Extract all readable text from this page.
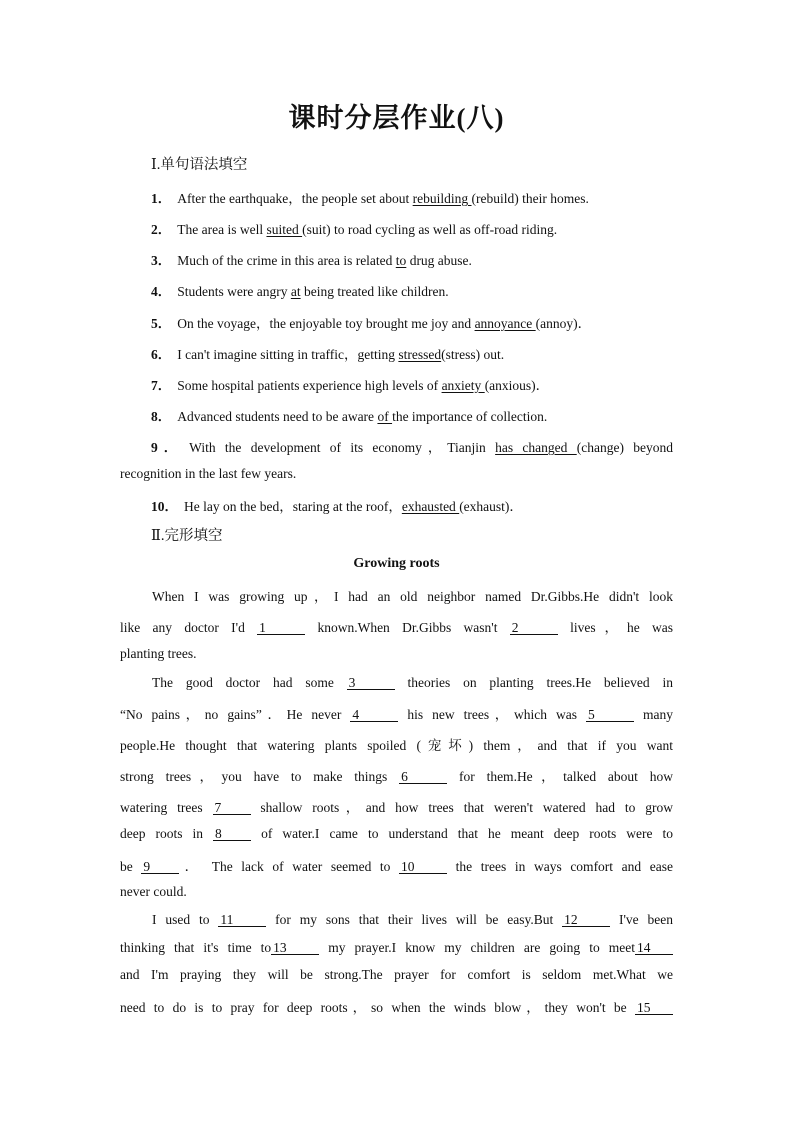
课时分层作业(八)
Ⅰ.单句语法填空
1． After the earthquake，the people set about rebuilding (rebuild) their homes.
2． The area is well suited (suit) to road cycling as well as off-road riding.
3． Much of the crime in this area is related to drug abuse.
4． Students were angry at being treated like children.
5． On the voyage，the enjoyable toy brought me joy and annoyance (annoy)．
6． I can't imagine sitting in traffic，getting stressed(stress) out.
7． Some hospital patients experience high levels of anxiety (anxious)．
8． Advanced students need to be aware of the importance of collection.
9． With the development of its economy，Tianjin has changed (change) beyond
recognition in the last few years.
10． He lay on the bed，staring at the roof，exhausted (exhaust)．
Ⅱ.完形填空
Growing roots
When I was growing up，I had an old neighbor named Dr.Gibbs.He didn't look
like any doctor I'd 1	known.When Dr.Gibbs wasn't 2	lives，he was
planting trees.
The good doctor had some 3	theories on planting trees.He believed in
“No pains，no gains”．He never 4	his new trees，which was 5	many
people.He thought that watering plants spoiled (宠坏) them，and that if you want
strong trees，you have to make things 6	for them.He，talked about how
watering trees 7 shallow roots，and how trees that weren't watered had to grow
deep roots in 8 of water.I came to understand that he meant deep roots were to
be 9 ． The lack of water seemed to 10 the trees in ways comfort and ease
never could.
I used to 11 for my sons that their lives will be easy.But 12 I've been
thinking that it's time to 13 my prayer.I know my children are going to meet 14
and I'm praying they will be strong.The prayer for comfort is seldom met.What we
need to do is to pray for deep roots，so when the winds blow，they won't be 15
